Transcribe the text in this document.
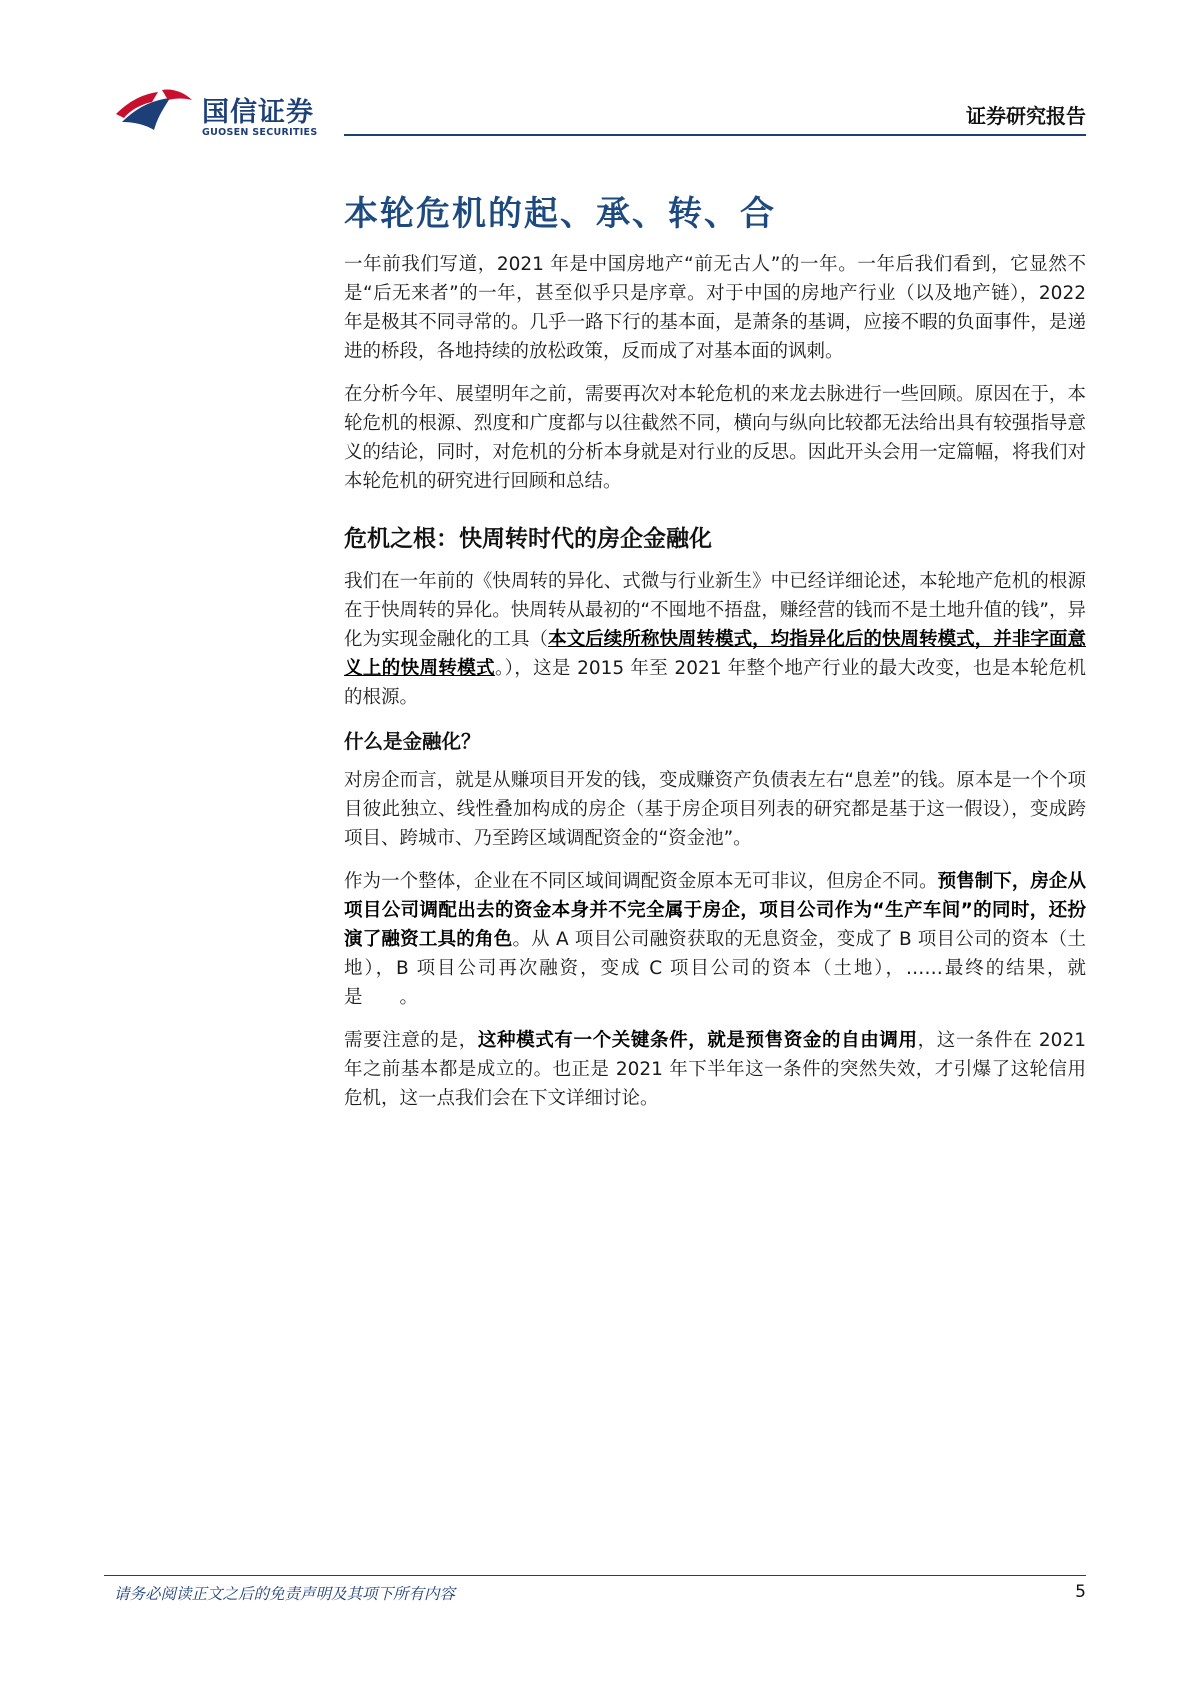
国信证券
GUOSEN SECURITIES
证券研究报告
本轮危机的起、承、转、合

一年前我们写道，2021 年是中国房地产“前无古人”的一年。一年后我们看到，它显然不是“后无来者”的一年，甚至似乎只是序章。对于中国的房地产行业（以及地产链），2022 年是极其不同寻常的。几乎一路下行的基本面，是萧条的基调，应接不暇的负面事件，是递进的桥段，各地持续的放松政策，反而成了对基本面的讽刺。

在分析今年、展望明年之前，需要再次对本轮危机的来龙去脉进行一些回顾。原因在于，本轮危机的根源、烈度和广度都与以往截然不同，横向与纵向比较都无法给出具有较强指导意义的结论，同时，对危机的分析本身就是对行业的反思。因此开头会用一定篇幅，将我们对本轮危机的研究进行回顾和总结。

危机之根：快周转时代的房企金融化

我们在一年前的《快周转的异化、式微与行业新生》中已经详细论述，本轮地产危机的根源在于快周转的异化。快周转从最初的“不囤地不捂盘，赚经营的钱而不是土地升值的钱”，异化为实现金融化的工具（本文后续所称快周转模式，均指异化后的快周转模式，并非字面意义上的快周转模式。），这是 2015 年至 2021 年整个地产行业的最大改变，也是本轮危机的根源。

什么是金融化？

对房企而言，就是从赚项目开发的钱，变成赚资产负债表左右“息差”的钱。原本是一个个项目彼此独立、线性叠加构成的房企（基于房企项目列表的研究都是基于这一假设），变成跨项目、跨城市、乃至跨区域调配资金的“资金池”。

作为一个整体，企业在不同区域间调配资金原本无可非议，但房企不同。预售制下，房企从项目公司调配出去的资金本身并不完全属于房企，项目公司作为“生产车间”的同时，还扮演了融资工具的角色。从 A 项目公司融资获取的无息资金，变成了 B 项目公司的资本（土地），B 项目公司再次融资，变成 C 项目公司的资本（土地），……最终的结果，就是　　。

需要注意的是，这种模式有一个关键条件，就是预售资金的自由调用，这一条件在 2021 年之前基本都是成立的。也正是 2021 年下半年这一条件的突然失效，才引爆了这轮信用危机，这一点我们会在下文详细讨论。

请务必阅读正文之后的免责声明及其项下所有内容	5
